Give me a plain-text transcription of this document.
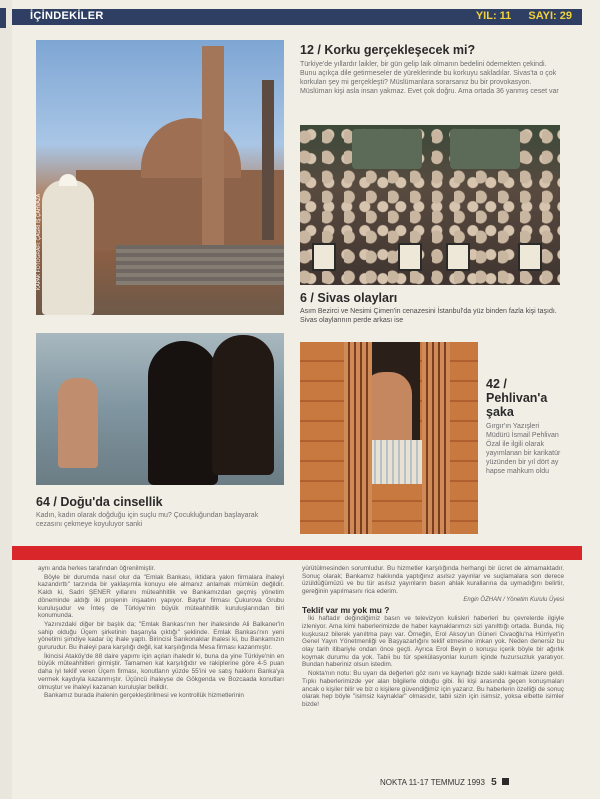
İÇİNDEKİLER	YIL: 11 SAYI: 29
KAPAK FOTOĞRAFI: ÇAĞRI İŞ ÇAHVAZA
12 / Korku gerçekleşecek mi?
Türkiye'de yıllardır laikler, bir gün gelip laik olmanın bedelini ödemekten çekindi. Bunu açıkça dile getirmeseler de yüreklerinde bu korkuyu sakladılar. Sivas'ta o çok korkulan şey mi gerçekleşti? Müslümanlara sorarsanız bu bir provokasyon. Müslüman kişi asla insan yakmaz. Evet çok doğru. Ama ortada 36 yanmış ceset var
6 / Sivas olayları
Asım Bezirci ve Nesimi Çimen'in cenazesini İstanbul'da yüz binden fazla kişi taşıdı. Sivas olaylarının perde arkası ise
42 /
Pehlivan'a
şaka
Gırgır'ın Yazışleri Müdürü İsmail Pehlivan Özal ile ilgili olarak yayımlanan bir karikatür yüzünden bir yıl dört ay hapse mahkum oldu
64 / Doğu'da cinsellik
Kadın, kadın olarak doğduğu için suçlu mu? Çocukluğundan başlayarak cezasını çekmeye koyuluyor sanki

aynı anda herkes tarafından öğrenilmiştir.

Böyle bir durumda nasıl olur da "Emlak Bankası, iktidara yakın firmalara ihaleyi kazandırttı" tarzında bir yaklaşımla konuyu ele almanız anlamak mümkün değildir. Kaldı ki, Sadri ŞENER yıllarını müteahhitlik ve Bankamızdan geçmiş yönetim döneminde aldığı iki projenin inşaatını yapıyor. Baytur firması Çukurova Grubu kuruluşudur ve İnteş de Türkiye'nin büyük müteahhitlik kuruluşlarından biri konumunda.

Yazınızdaki diğer bir başlık da; "Emlak Bankası'nın her ihalesinde Ali Balkaner'in sahip olduğu Üçem şirketinin başarıyla çıktığı" şeklinde. Emlak Bankası'nın yeni yönetimi şimdiye kadar üç ihale yaptı. Birincisi Sarıkonaklar ihalesi ki, bu Bankamızın gururudur. Bu ihaleyi para karşılığı değil, kat karşılığında Mesa firması kazanmıştır.

İkincisi Ataköy'de 88 daire yapımı için açılan ihaledir ki, buna da yine Türkiye'nin en büyük müteahhitleri girmiştir. Tamamen kat karşılığıdır ve rakiplerine göre 4-5 puan daha iyi teklif veren Üçem firması, konutların yüzde 55'ini ve satış hakkını Banka'ya vermek kaydıyla kazanmıştır. Üçüncü ihaleyse de Gökgenda ve Bozcaada konutları olmuştur ve ihaleyi kazanan kuruluşlar bellidir.

Bankamız burada ihalenin gerçekleştirilmesi ve kontrollük hizmetlerinin

yürütülmesinden sorumludur. Bu hizmetler karşılığında herhangi bir ücret de almamaktadır. Sonuç olarak; Bankamız hakkında yaptığınız asılsız yayınlar ve suçlamalara son derece üzüldüğümüzü ve bu tür asılsız yayınların basın ahlak kurallarına da uymadığını belirtir, gereğinin yapılmasını rica ederim.

Engin ÖZHAN / Yönetim Kurulu Üyesi
Teklif var mı yok mu ?

İki haftadır değindiğimiz basın ve televizyon kulisleri haberleri bu çevrelerde ilgiyle izleniyor. Ama kimi haberlerimizde de haber kaynaklarımızı sizi yanılttığı ortada. Bunda, hiç kuşkusuz bilerek yanıltma payı var. Örneğin, Erol Aksoy'un Güneri Civaoğlu'na Hürriyet'in Genel Yayın Yönetmenliği ve Başyazarlığını teklif etmesine imkan yok. Neden denersiz bu olay tarih itibariyle ondan önce geçti. Ayrıca Erol Beyin o konuşu içerik böyle bir ağırlık koymak durumu da yok. Tabii bu tür spekülasyonlar kurum içinde huzursuzluk yaratıyor. Bundan haberiniz olsun istedim.

Nokta'nın notu: Bu uyarı da değerleri göz ısını ve kaynağı bizde saklı kalmak üzere geldi. Tıpkı haberlerimizde yer alan bilgilerle olduğu gibi. İki kişi arasında geçen konuşmaları ancak o kişiler bilir ve biz o kişilere güvendiğimiz için yazarız. Bu haberlerin özelliği de sonuç olarak hep böyle "isimsiz kaynaklar" olmasıdır, tabii sizin için isimsiz, yoksa elbette isimler bizde!

NOKTA 11-17 TEMMUZ 1993 5
